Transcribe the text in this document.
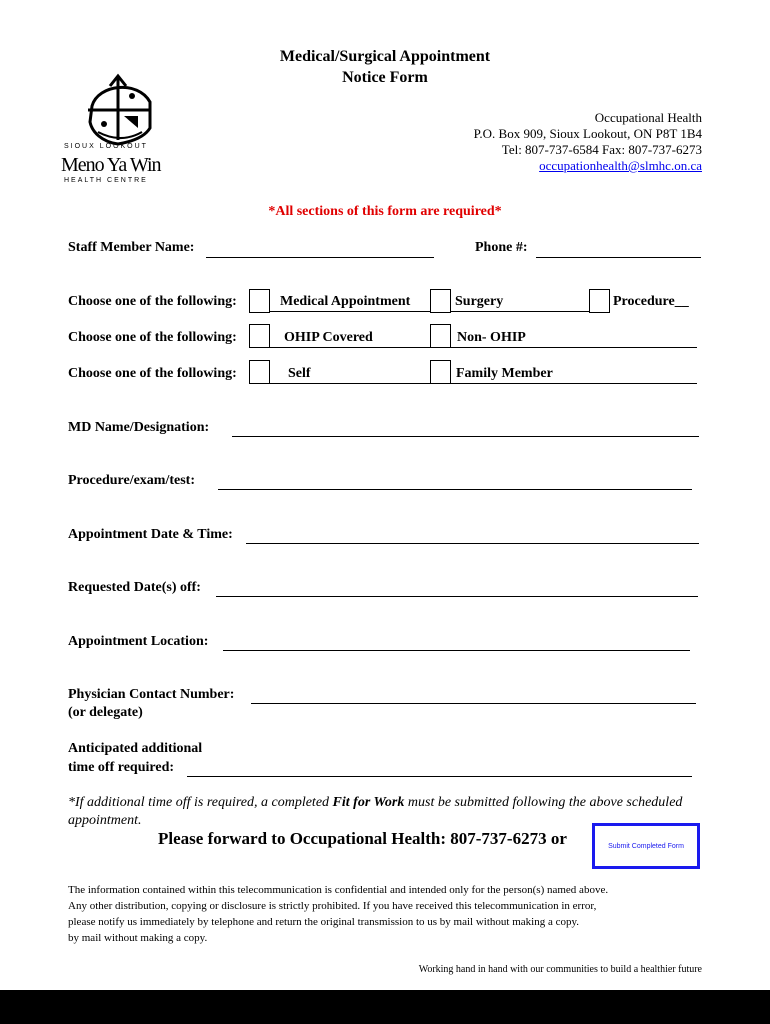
SIOUX LOOKOUT
Meno Ya Win
HEALTH CENTRE
Medical/Surgical Appointment
Notice Form
Occupational Health
P.O. Box 909, Sioux Lookout, ON P8T 1B4
Tel: 807-737-6584 Fax: 807-737-6273
occupationhealth@slmhc.on.ca
*All sections of this form are required*
Staff Member Name:	Phone #:
Choose one of the following:	Medical Appointment	Surgery	Procedure__
Choose one of the following:	OHIP Covered	Non- OHIP
Choose one of the following:	Self	Family Member
MD Name/Designation:
Procedure/exam/test:
Appointment Date & Time:
Requested Date(s) off:
Appointment Location:
Physician Contact Number:
(or delegate)
Anticipated additional
time off required:
*If additional time off is required, a completed Fit for Work must be submitted following the above scheduled appointment.
Please forward to Occupational Health: 807-737-6273 or	Submit Completed Form
The information contained within this telecommunication is confidential and intended only for the person(s) named above.
Any other distribution, copying or disclosure is strictly prohibited. If you have received this telecommunication in error,
please notify us immediately by telephone and return the original transmission to us by mail without making a copy.
by mail without making a copy.
Working hand in hand with our communities to build a healthier future
